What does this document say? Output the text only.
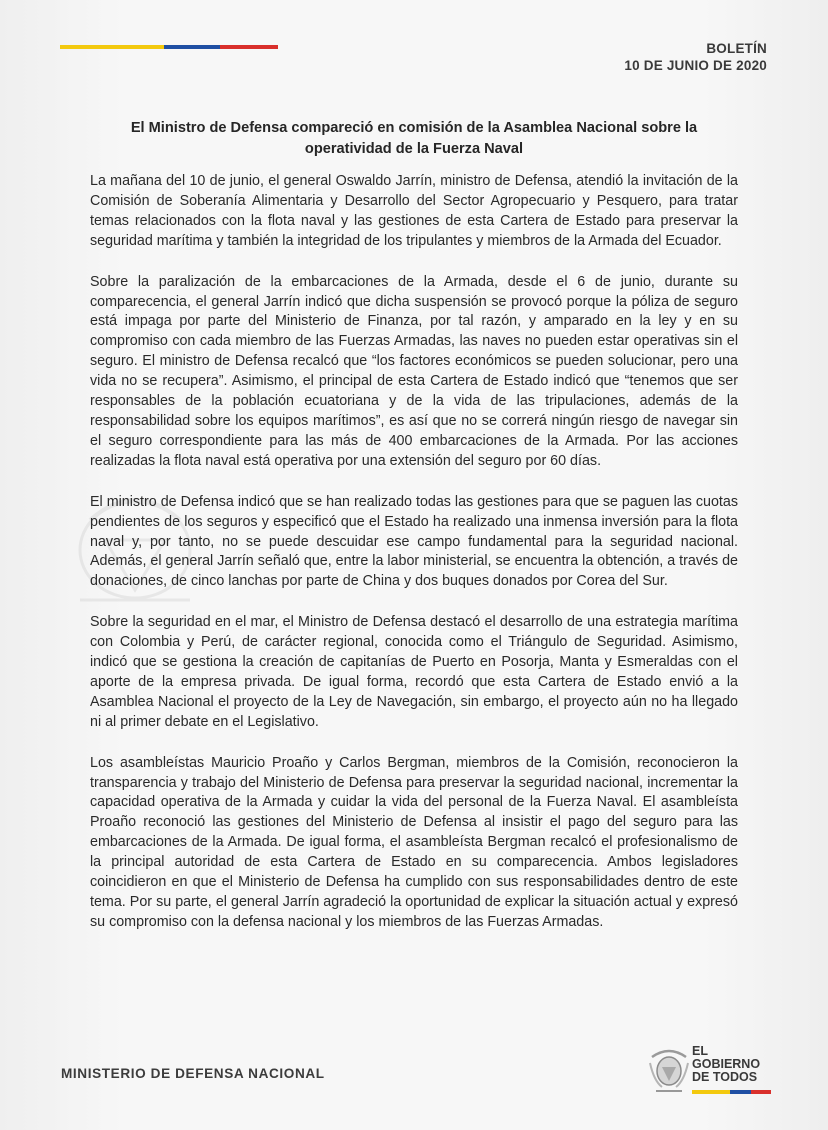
BOLETÍN
10 DE JUNIO DE 2020
El Ministro de Defensa compareció en comisión de la Asamblea Nacional sobre la operatividad de la Fuerza Naval

La mañana del 10 de junio, el general Oswaldo Jarrín, ministro de Defensa, atendió la invitación de la Comisión de Soberanía Alimentaria y Desarrollo del Sector Agropecuario y Pesquero, para tratar temas relacionados con la flota naval y las gestiones de esta Cartera de Estado para preservar la seguridad marítima y también la integridad de los tripulantes y miembros de la Armada del Ecuador.

Sobre la paralización de la embarcaciones de la Armada, desde el 6 de junio, durante su comparecencia, el general Jarrín indicó que dicha suspensión se provocó porque la póliza de seguro está impaga por parte del Ministerio de Finanza, por tal razón, y amparado en la ley y en su compromiso con cada miembro de las Fuerzas Armadas, las naves no pueden estar operativas sin el seguro. El ministro de Defensa recalcó que “los factores económicos se pueden solucionar, pero una vida no se recupera”. Asimismo, el principal de esta Cartera de Estado indicó que “tenemos que ser responsables de la población ecuatoriana y de la vida de las tripulaciones, además de la responsabilidad sobre los equipos marítimos”, es así que no se correrá ningún riesgo de navegar sin el seguro correspondiente para las más de 400 embarcaciones de la Armada. Por las acciones realizadas la flota naval está operativa por una extensión del seguro por 60 días.

El ministro de Defensa indicó que se han realizado todas las gestiones para que se paguen las cuotas pendientes de los seguros y especificó que el Estado ha realizado una inmensa inversión para la flota naval y, por tanto, no se puede descuidar ese campo fundamental para la seguridad nacional. Además, el general Jarrín señaló que, entre la labor ministerial, se encuentra la obtención, a través de donaciones, de cinco lanchas por parte de China y dos buques donados por Corea del Sur.

Sobre la seguridad en el mar, el Ministro de Defensa destacó el desarrollo de una estrategia marítima con Colombia y Perú, de carácter regional, conocida como el Triángulo de Seguridad. Asimismo, indicó que se gestiona la creación de capitanías de Puerto en Posorja, Manta y Esmeraldas con el aporte de la empresa privada. De igual forma, recordó que esta Cartera de Estado envió a la Asamblea Nacional el proyecto de la Ley de Navegación, sin embargo, el proyecto aún no ha llegado ni al primer debate en el Legislativo.

Los asambleístas Mauricio Proaño y Carlos Bergman, miembros de la Comisión, reconocieron la transparencia y trabajo del Ministerio de Defensa para preservar la seguridad nacional, incrementar la capacidad operativa de la Armada y cuidar la vida del personal de la Fuerza Naval. El asambleísta Proaño reconoció las gestiones del Ministerio de Defensa al insistir el pago del seguro para las embarcaciones de la Armada. De igual forma, el asambleísta Bergman recalcó el profesionalismo de la principal autoridad de esta Cartera de Estado en su comparecencia. Ambos legisladores coincidieron en que el Ministerio de Defensa ha cumplido con sus responsabilidades dentro de este tema. Por su parte, el general Jarrín agradeció la oportunidad de explicar la situación actual y expresó su compromiso con la defensa nacional y los miembros de las Fuerzas Armadas.

MINISTERIO DE DEFENSA NACIONAL
EL
GOBIERNO
DE TODOS
